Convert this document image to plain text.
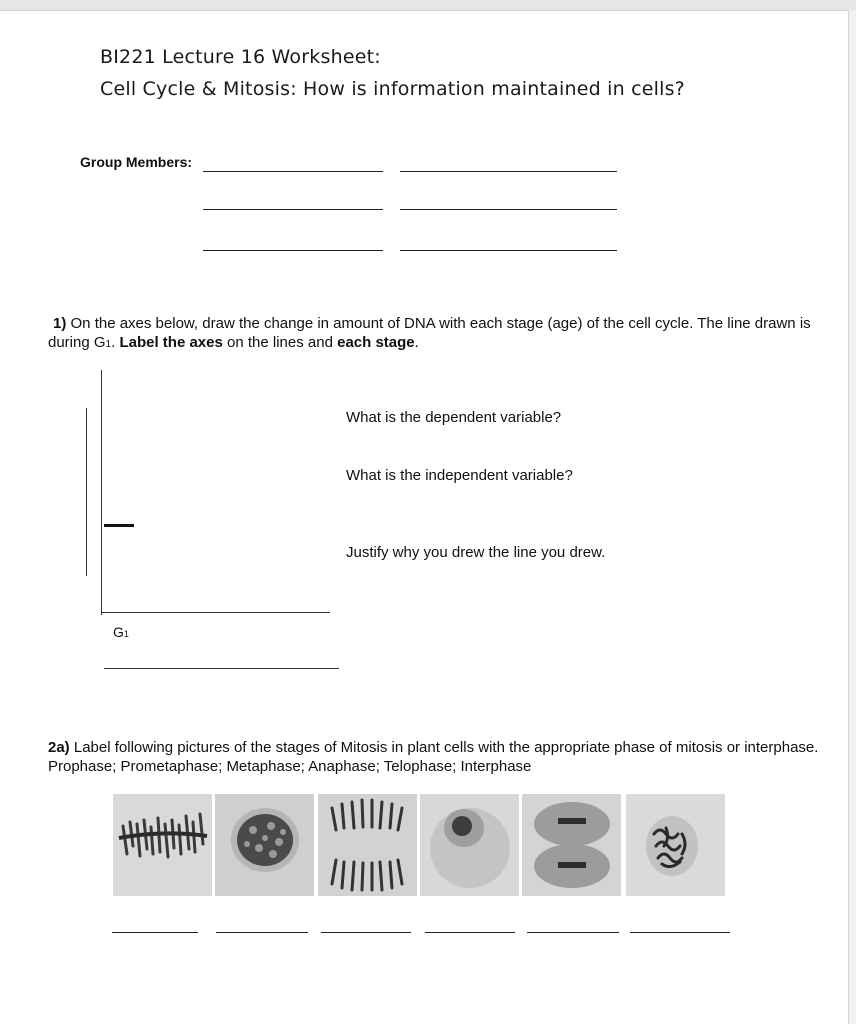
BI221 Lecture 16 Worksheet:
Cell Cycle & Mitosis: How is information maintained in cells?
Group Members:
1) On the axes below, draw the change in amount of DNA with each stage (age) of the cell cycle. The line drawn is during G1. Label the axes on the lines and each stage.
G1
What is the dependent variable?
What is the independent variable?
Justify why you drew the line you drew.
2a) Label following pictures of the stages of Mitosis in plant cells with the appropriate phase of mitosis or interphase. Prophase; Prometaphase; Metaphase; Anaphase; Telophase; Interphase
